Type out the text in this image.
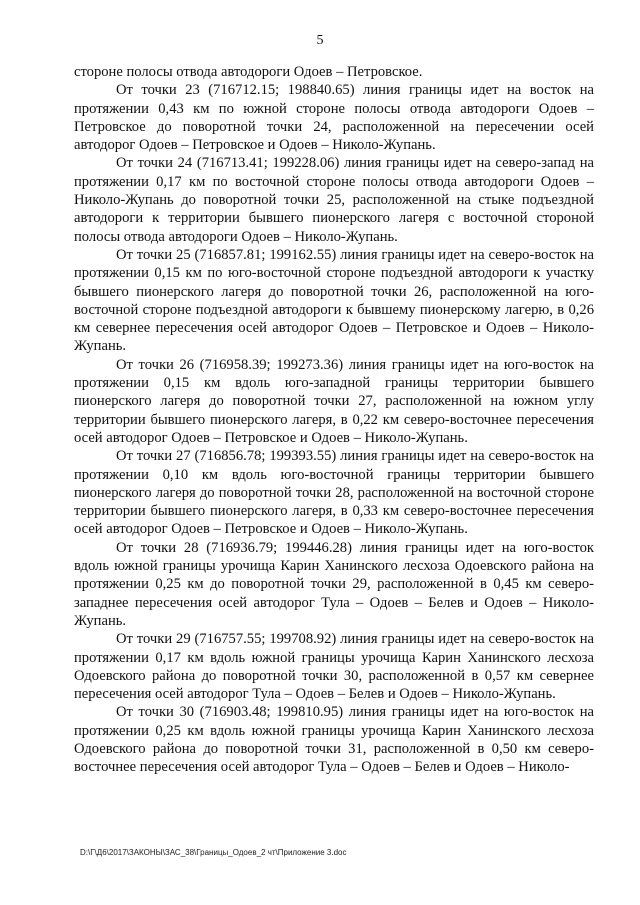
5

стороне полосы отвода автодороги Одоев – Петровское.

От точки 23 (716712.15; 198840.65) линия границы идет на восток на протяжении 0,43 км по южной стороне полосы отвода автодороги Одоев – Петровское до поворотной точки 24, расположенной на пересечении осей автодорог Одоев – Петровское и Одоев – Николо-Жупань.

От точки 24 (716713.41; 199228.06) линия границы идет на северо-запад на протяжении 0,17 км по восточной стороне полосы отвода автодороги Одоев – Николо-Жупань до поворотной точки 25, расположенной на стыке подъездной автодороги к территории бывшего пионерского лагеря с восточной стороной полосы отвода автодороги Одоев – Николо-Жупань.

От точки 25 (716857.81; 199162.55) линия границы идет на северо-восток на протяжении 0,15 км по юго-восточной стороне подъездной автодороги к участку бывшего пионерского лагеря до поворотной точки 26, расположенной на юго-восточной стороне подъездной автодороги к бывшему пионерскому лагерю, в 0,26 км севернее пересечения осей автодорог Одоев – Петровское и Одоев – Николо-Жупань.

От точки 26 (716958.39; 199273.36) линия границы идет на юго-восток на протяжении 0,15 км вдоль юго-западной границы территории бывшего пионерского лагеря до поворотной точки 27, расположенной на южном углу территории бывшего пионерского лагеря, в 0,22 км северо-восточнее пересечения осей автодорог Одоев – Петровское и Одоев – Николо-Жупань.

От точки 27 (716856.78; 199393.55) линия границы идет на северо-восток на протяжении 0,10 км вдоль юго-восточной границы территории бывшего пионерского лагеря до поворотной точки 28, расположенной на восточной стороне территории бывшего пионерского лагеря, в 0,33 км северо-восточнее пересечения осей автодорог Одоев – Петровское и Одоев – Николо-Жупань.

От точки 28 (716936.79; 199446.28) линия границы идет на юго-восток вдоль южной границы урочища Карин Ханинского лесхоза Одоевского района на протяжении 0,25 км до поворотной точки 29, расположенной в 0,45 км северо-западнее пересечения осей автодорог Тула – Одоев – Белев и Одоев – Николо-Жупань.

От точки 29 (716757.55; 199708.92) линия границы идет на северо-восток на протяжении 0,17 км вдоль южной границы урочища Карин Ханинского лесхоза Одоевского района до поворотной точки 30, расположенной в 0,57 км севернее пересечения осей автодорог Тула – Одоев – Белев и Одоев – Николо-Жупань.

От точки 30 (716903.48; 199810.95) линия границы идет на юго-восток на протяжении 0,25 км вдоль южной границы урочища Карин Ханинского лесхоза Одоевского района до поворотной точки 31, расположенной в 0,50 км северо-восточнее пересечения осей автодорог Тула – Одоев – Белев и Одоев – Николо-

D:\Г\Д6\2017\ЗАКОНЫ\ЗАС_38\Границы_Одоев_2 чт\Приложение 3.doc
